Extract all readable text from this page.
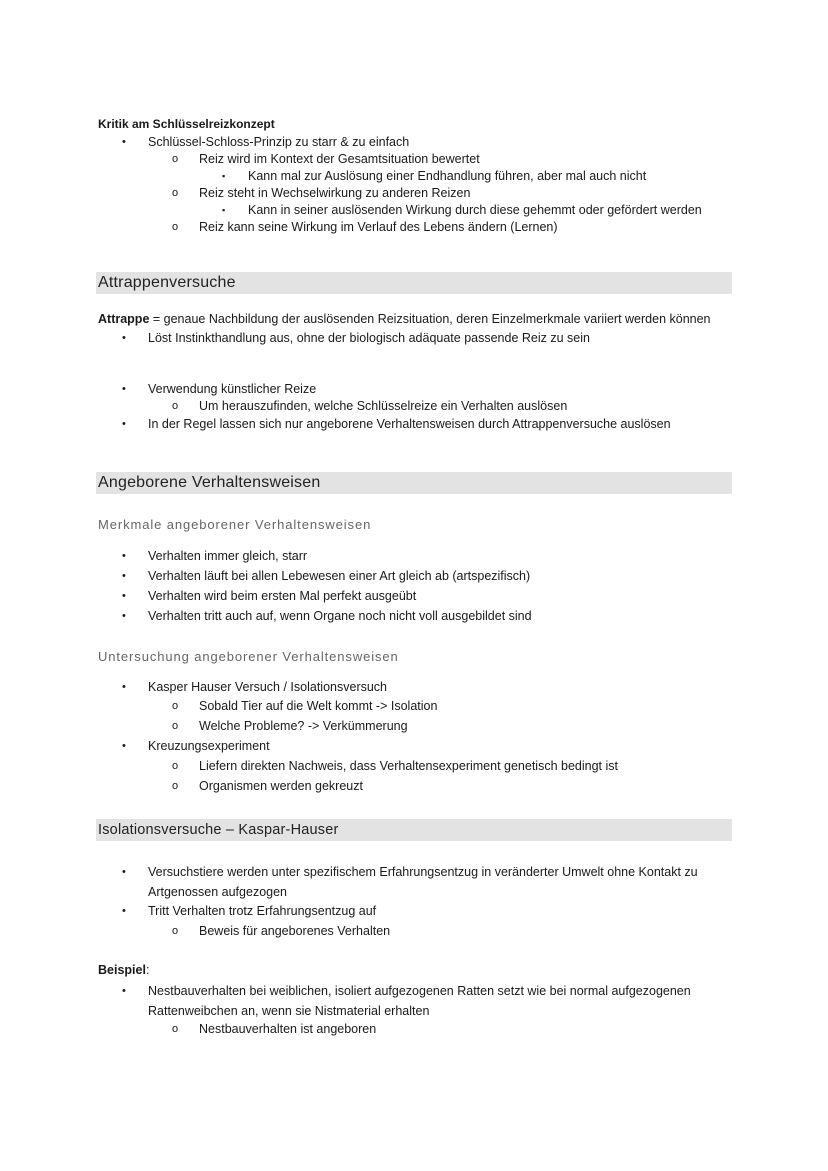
Kritik am Schlüsselreizkonzept
• Schlüssel-Schloss-Prinzip zu starr & zu einfach
o Reiz wird im Kontext der Gesamtsituation bewertet
▪ Kann mal zur Auslösung einer Endhandlung führen, aber mal auch nicht
o Reiz steht in Wechselwirkung zu anderen Reizen
▪ Kann in seiner auslösenden Wirkung durch diese gehemmt oder gefördert werden
o Reiz kann seine Wirkung im Verlauf des Lebens ändern (Lernen)
Attrappenversuche
Attrappe = genaue Nachbildung der auslösenden Reizsituation, deren Einzelmerkmale variiert werden können
• Löst Instinkthandlung aus, ohne der biologisch adäquate passende Reiz zu sein
• Verwendung künstlicher Reize
o Um herauszufinden, welche Schlüsselreize ein Verhalten auslösen
• In der Regel lassen sich nur angeborene Verhaltensweisen durch Attrappenversuche auslösen
Angeborene Verhaltensweisen
Merkmale angeborener Verhaltensweisen
• Verhalten immer gleich, starr
• Verhalten läuft bei allen Lebewesen einer Art gleich ab (artspezifisch)
• Verhalten wird beim ersten Mal perfekt ausgeübt
• Verhalten tritt auch auf, wenn Organe noch nicht voll ausgebildet sind
Untersuchung angeborener Verhaltensweisen
• Kasper Hauser Versuch / Isolationsversuch
o Sobald Tier auf die Welt kommt -> Isolation
o Welche Probleme? -> Verkümmerung
• Kreuzungsexperiment
o Liefern direkten Nachweis, dass Verhaltensexperiment genetisch bedingt ist
o Organismen werden gekreuzt
Isolationsversuche – Kaspar-Hauser
• Versuchstiere werden unter spezifischem Erfahrungsentzug in veränderter Umwelt ohne Kontakt zu Artgenossen aufgezogen
• Tritt Verhalten trotz Erfahrungsentzug auf
o Beweis für angeborenes Verhalten
Beispiel:
• Nestbauverhalten bei weiblichen, isoliert aufgezogenen Ratten setzt wie bei normal aufgezogenen Rattenweibchen an, wenn sie Nistmaterial erhalten
o Nestbauverhalten ist angeboren
